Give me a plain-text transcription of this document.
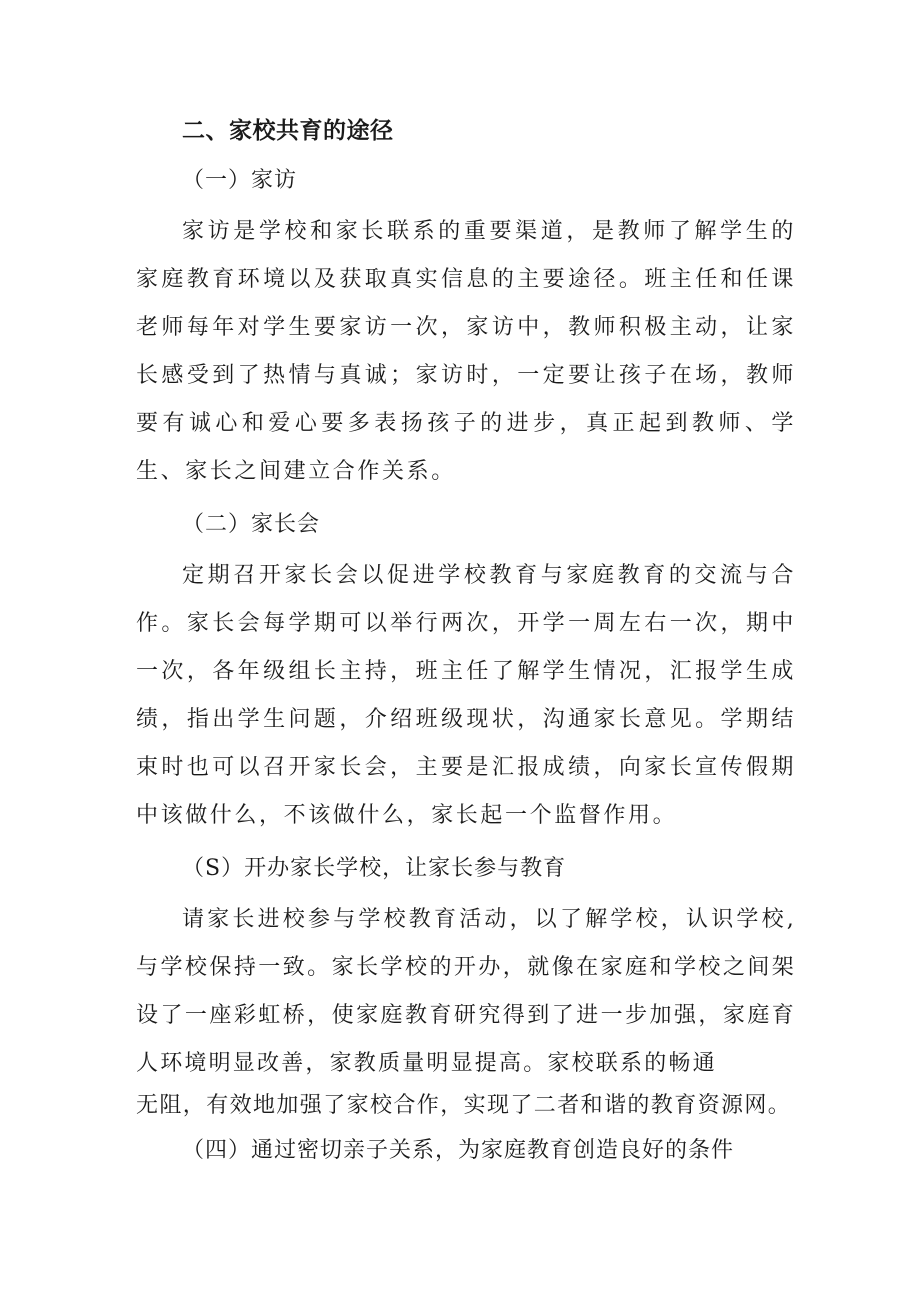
二、家校共育的途径

（一）家访

家访是学校和家长联系的重要渠道，是教师了解学生的家庭教育环境以及获取真实信息的主要途径。班主任和任课老师每年对学生要家访一次，家访中，教师积极主动，让家长感受到了热情与真诚；家访时，一定要让孩子在场，教师要有诚心和爱心要多表扬孩子的进步，真正起到教师、学生、家长之间建立合作关系。

（二）家长会

定期召开家长会以促进学校教育与家庭教育的交流与合作。家长会每学期可以举行两次，开学一周左右一次，期中一次，各年级组长主持，班主任了解学生情况，汇报学生成绩，指出学生问题，介绍班级现状，沟通家长意见。学期结束时也可以召开家长会，主要是汇报成绩，向家长宣传假期中该做什么，不该做什么，家长起一个监督作用。

（S）开办家长学校，让家长参与教育

请家长进校参与学校教育活动，以了解学校，认识学校,与学校保持一致。家长学校的开办，就像在家庭和学校之间架设了一座彩虹桥，使家庭教育研究得到了进一步加强，家庭育人环境明显改善，家教质量明显提高。家校联系的畅通

无阻，有效地加强了家校合作，实现了二者和谐的教育资源网。

（四）通过密切亲子关系，为家庭教育创造良好的条件
